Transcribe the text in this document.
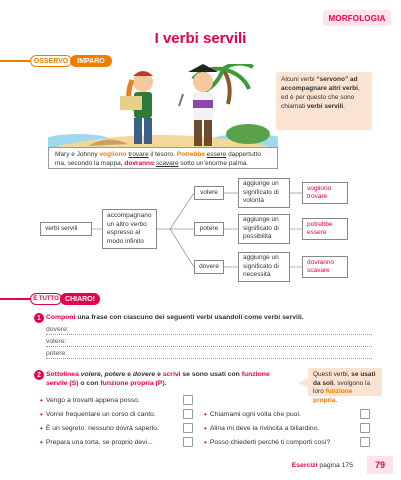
MORFOLOGIA
I verbi servili
OSSERVO	IMPARO
Alcuni verbi “servono” ad accompagnare altri verbi, ed è per questo che sono chiamati verbi servili.
Mary e Johnny vogliono trovare il tesoro. Potrebbe essere dappertutto ma, secondo la mappa, dovranno scavare sotto un’enorme palma.
verbi servili
accompagnano un altro verbo espresso al modo infinito
volere
potere
dovere
aggiunge un significato di volontà
aggiunge un significato di possibilità
aggiunge un significato di necessità
vogliono trovare
potrebbe essere
dovranno scavare
È TUTTO CHIARO!
1 Componi una frase con ciascuno dei seguenti verbi usandoli come verbi servili.
dovere:
volere:
potere:
2 Sottolinea volere, potere e dovere e scrivi se sono usati con funzione servile (S) o con funzione propria (P).
Questi verbi, se usati da soli, svolgono la loro funzione propria.
• Vengo a trovarti appena posso.
• Vorrei frequentare un corso di canto.
• È un segreto: nessuno dovrà saperlo.
• Prepara una torta, se proprio devi...
• Chiamami ogni volta che puoi.
• Alina mi deve la rivincita a biliardino.
• Posso chiederti perché ti comporti così?
Esercizi pagina 175	79
